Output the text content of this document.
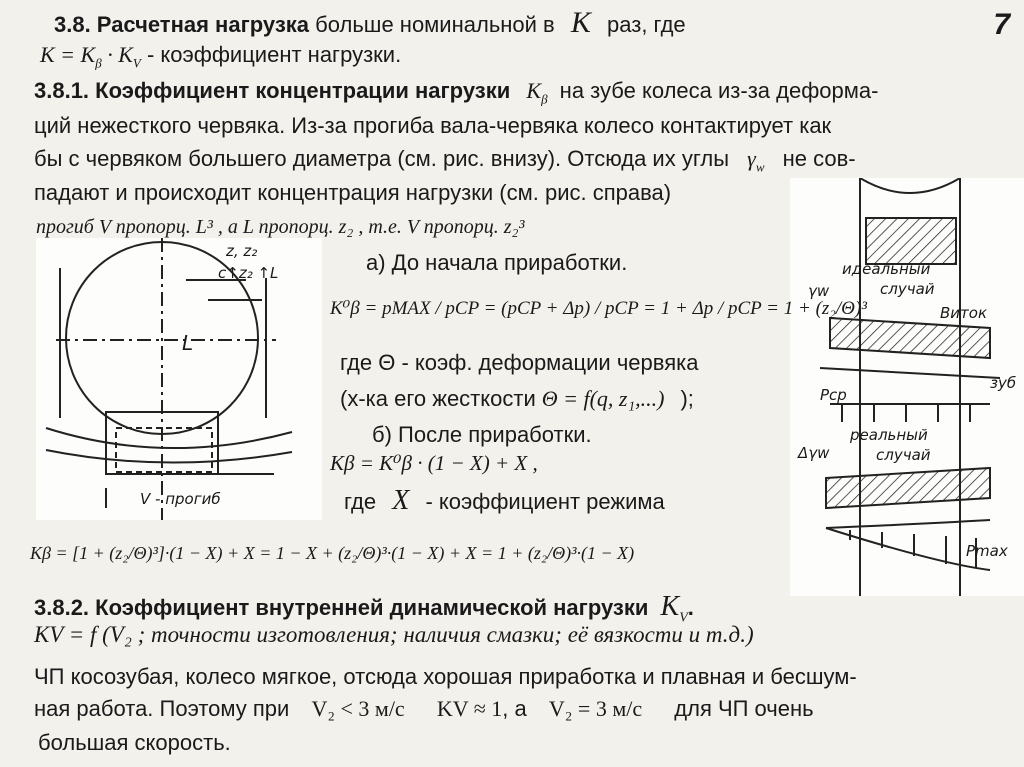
7
3.8. Расчетная нагрузка больше номинальной в K раз, где
$K = K_\beta \cdot K_V$ - коэффициент нагрузки.
3.8.1. Коэффициент концентрации нагрузки $K_\beta$ на зубе колеса из-за деформа-
ций нежесткого червяка. Из-за прогиба вала-червяка колесо контактирует как
бы с червяком большего диаметра (см. рис. внизу). Отсюда их углы $\gamma_w$ не сов-
падают и происходит концентрация нагрузки (см. рис. справа)
прогиб V пропорц. L³ , а L пропорц. z₂ , т.е. V пропорц. z₂³
z, z₂
c↑z₂ ↑L
L
V - прогиб
идеальный
случай
γw
Виток
зуб
Pcp
реальный
случай
Δγw
Pmax
а) До начала приработки.
K⁰β = pMAX / pCP = (pCP + Δp) / pCP = 1 + Δp / pCP = 1 + (z₂/Θ)³
где Θ - коэф. деформации червяка
(х-ка его жесткости Θ = f(q, z₁,...) );
б) После приработки.
Kβ = K⁰β · (1 − X) + X ,
где X - коэффициент режима
Kβ = [1 + (z₂/Θ)³]·(1 − X) + X = 1 − X + (z₂/Θ)³·(1 − X) + X = 1 + (z₂/Θ)³·(1 − X)
3.8.2. Коэффициент внутренней динамической нагрузки $K_V$.
KV = f (V₂ ; точности изготовления; наличия смазки; её вязкости и т.д.)
ЧП косозубая, колесо мягкое, отсюда хорошая приработка и плавная и бесшум-
ная работа. Поэтому при V₂ < 3 м/с KV ≈ 1, а V₂ = 3 м/с для ЧП очень
большая скорость.
